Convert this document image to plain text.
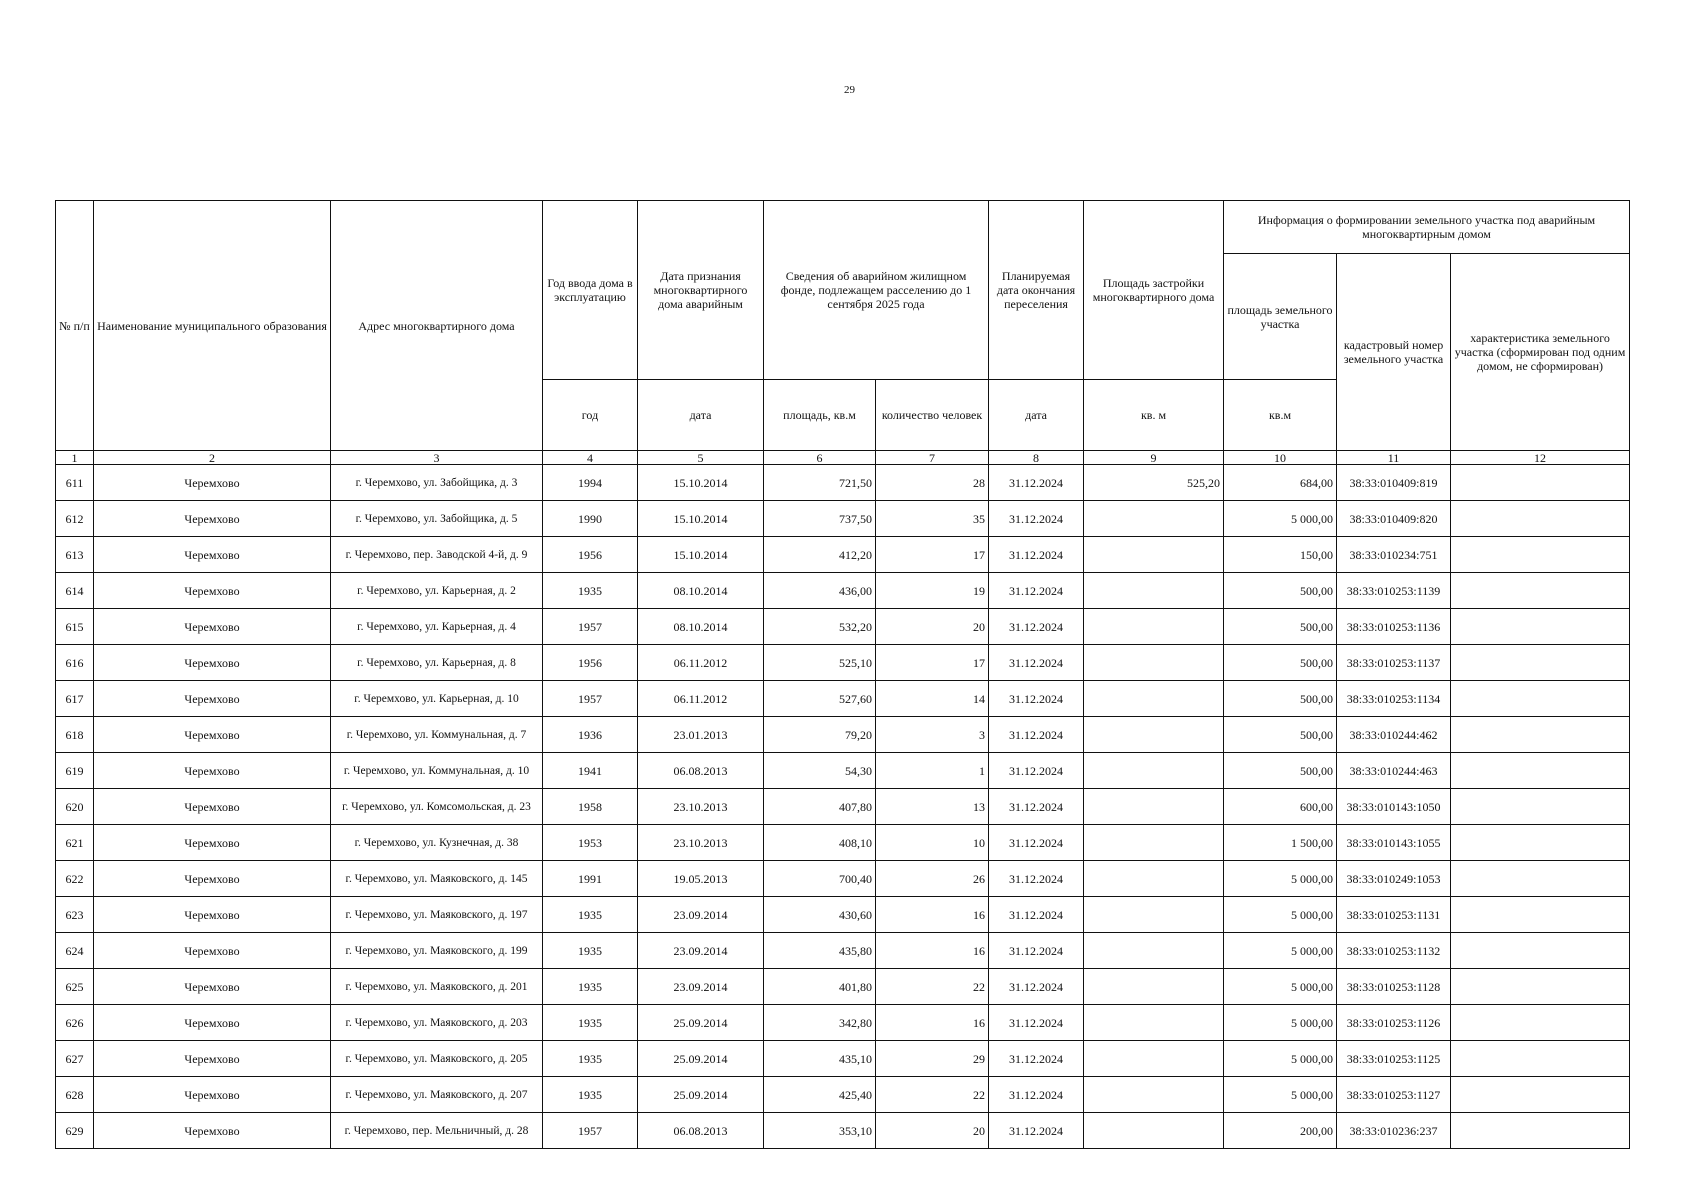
29
№ п/п	Наименование муниципального образования	Адрес многоквартирного дома	Год ввода дома в эксплуатацию	Дата признания многоквартирного дома аварийным	Сведения об аварийном жилищном фонде, подлежащем расселению до 1 сентября 2025 года		Планируемая дата окончания переселения	Площадь застройки многоквартирного дома	Информация о формировании земельного участка под аварийным многоквартирным домом		
									площадь земельного участка	кадастровый номер земельного участка	характеристика земельного участка (сформирован под одним домом, не сформирован)
			год	дата	площадь, кв.м	количество человек	дата	кв. м	кв.м		
1	2	3	4	5	6	7	8	9	10	11	12
611	Черемхово	г. Черемхово, ул. Забойщика, д. 3	1994	15.10.2014	721,50	28	31.12.2024	525,20	684,00	38:33:010409:819	
612	Черемхово	г. Черемхово, ул. Забойщика, д. 5	1990	15.10.2014	737,50	35	31.12.2024		5 000,00	38:33:010409:820	
613	Черемхово	г. Черемхово, пер. Заводской 4-й, д. 9	1956	15.10.2014	412,20	17	31.12.2024		150,00	38:33:010234:751	
614	Черемхово	г. Черемхово, ул. Карьерная, д. 2	1935	08.10.2014	436,00	19	31.12.2024		500,00	38:33:010253:1139	
615	Черемхово	г. Черемхово, ул. Карьерная, д. 4	1957	08.10.2014	532,20	20	31.12.2024		500,00	38:33:010253:1136	
616	Черемхово	г. Черемхово, ул. Карьерная, д. 8	1956	06.11.2012	525,10	17	31.12.2024		500,00	38:33:010253:1137	
617	Черемхово	г. Черемхово, ул. Карьерная, д. 10	1957	06.11.2012	527,60	14	31.12.2024		500,00	38:33:010253:1134	
618	Черемхово	г. Черемхово, ул. Коммунальная, д. 7	1936	23.01.2013	79,20	3	31.12.2024		500,00	38:33:010244:462	
619	Черемхово	г. Черемхово, ул. Коммунальная, д. 10	1941	06.08.2013	54,30	1	31.12.2024		500,00	38:33:010244:463	
620	Черемхово	г. Черемхово, ул. Комсомольская, д. 23	1958	23.10.2013	407,80	13	31.12.2024		600,00	38:33:010143:1050	
621	Черемхово	г. Черемхово, ул. Кузнечная, д. 38	1953	23.10.2013	408,10	10	31.12.2024		1 500,00	38:33:010143:1055	
622	Черемхово	г. Черемхово, ул. Маяковского, д. 145	1991	19.05.2013	700,40	26	31.12.2024		5 000,00	38:33:010249:1053	
623	Черемхово	г. Черемхово, ул. Маяковского, д. 197	1935	23.09.2014	430,60	16	31.12.2024		5 000,00	38:33:010253:1131	
624	Черемхово	г. Черемхово, ул. Маяковского, д. 199	1935	23.09.2014	435,80	16	31.12.2024		5 000,00	38:33:010253:1132	
625	Черемхово	г. Черемхово, ул. Маяковского, д. 201	1935	23.09.2014	401,80	22	31.12.2024		5 000,00	38:33:010253:1128	
626	Черемхово	г. Черемхово, ул. Маяковского, д. 203	1935	25.09.2014	342,80	16	31.12.2024		5 000,00	38:33:010253:1126	
627	Черемхово	г. Черемхово, ул. Маяковского, д. 205	1935	25.09.2014	435,10	29	31.12.2024		5 000,00	38:33:010253:1125	
628	Черемхово	г. Черемхово, ул. Маяковского, д. 207	1935	25.09.2014	425,40	22	31.12.2024		5 000,00	38:33:010253:1127	
629	Черемхово	г. Черемхово, пер. Мельничный, д. 28	1957	06.08.2013	353,10	20	31.12.2024		200,00	38:33:010236:237	
